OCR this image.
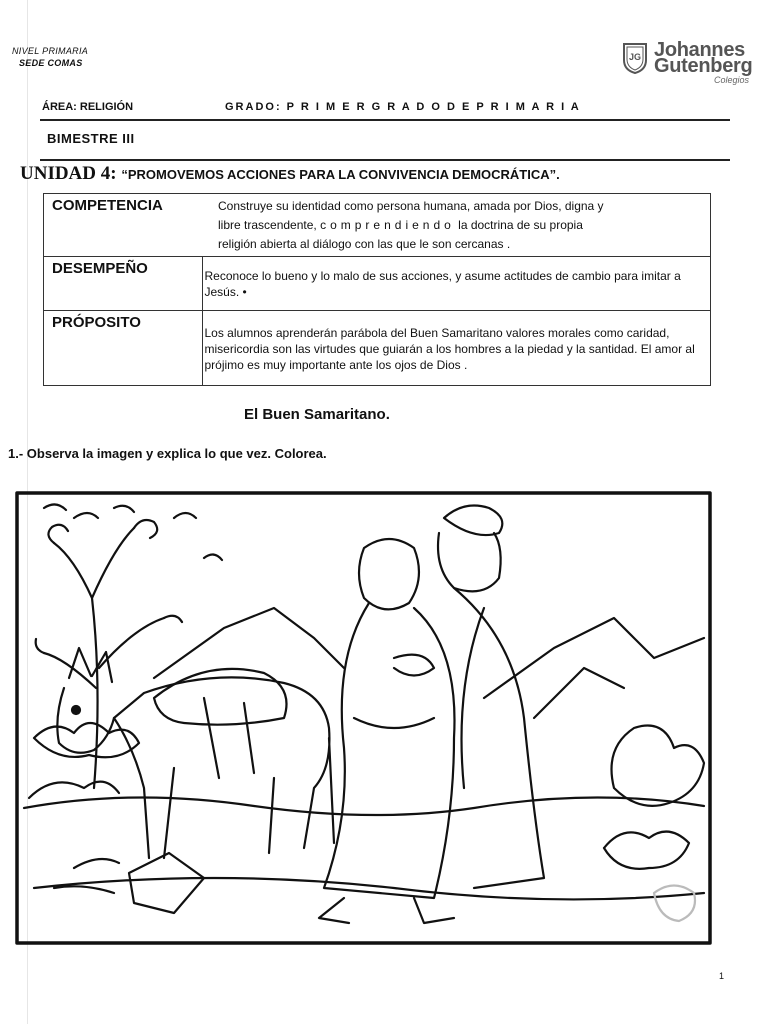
NIVEL PRIMARIA
SEDE COMAS
JG Johannes
Gutenberg
Colegios
ÁREA: RELIGIÓN	GRADO: P R I M E R G R A D O D E P R I M A R I A
BIMESTRE III
UNIDAD 4: “PROMOVEMOS ACCIONES PARA LA CONVIVENCIA DEMOCRÁTICA”.
COMPETENCIA	Construye su identidad como persona humana, amada por Dios, digna y
libre trascendente, comprendiendo la doctrina de su propia
religión abierta al diálogo con las que le son cercanas .

DESEMPEÑO	Reconoce lo bueno y lo malo de sus acciones, y asume actitudes de cambio para imitar a Jesús. •
PRÓPOSITO	Los alumnos aprenderán parábola del Buen Samaritano valores morales como caridad, misericordia son las virtudes que guiarán a los hombres a la piedad y la santidad. El amor al prójimo es muy importante ante los ojos de Dios .
El Buen Samaritano.
1.- Observa la imagen y explica lo que vez. Colorea.
1
